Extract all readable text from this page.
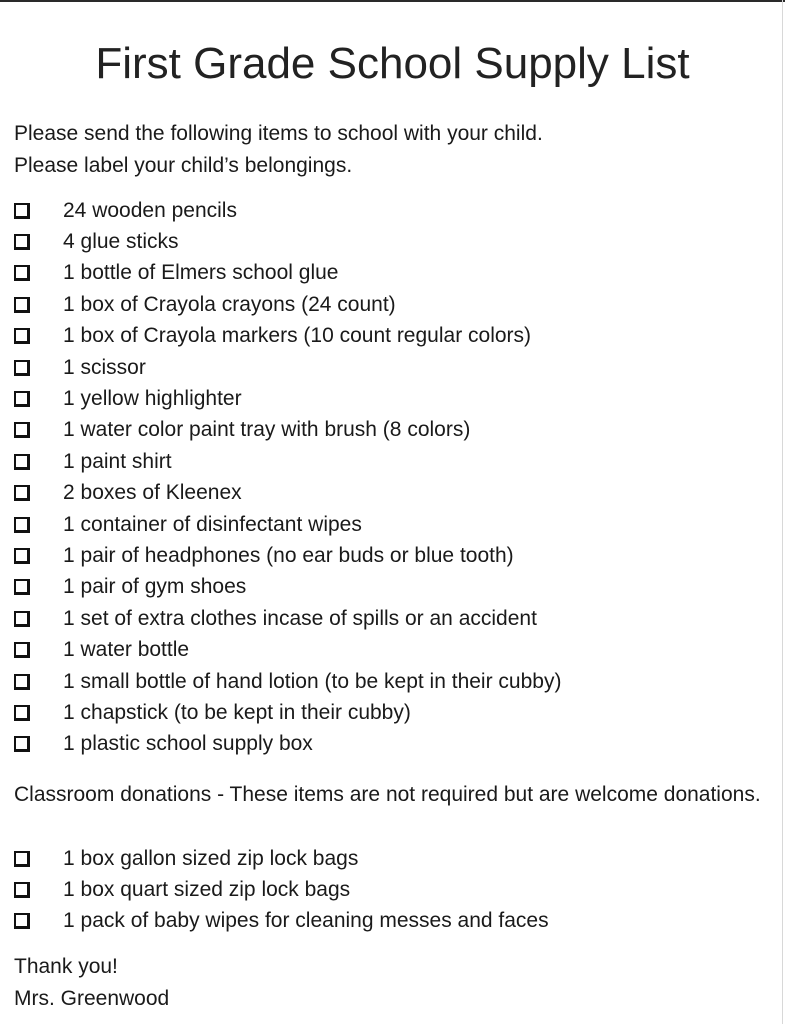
First Grade School Supply List
Please send the following items to school with your child.
Please label your child’s belongings.
24 wooden pencils
4 glue sticks
1 bottle of Elmers school glue
1 box of Crayola crayons (24 count)
1 box of Crayola markers (10 count regular colors)
1 scissor
1 yellow highlighter
1 water color paint tray with brush (8 colors)
1 paint shirt
2 boxes of Kleenex
1 container of disinfectant wipes
1 pair of headphones (no ear buds or blue tooth)
1 pair of gym shoes
1 set of extra clothes incase of spills or an accident
1 water bottle
1 small bottle of hand lotion (to be kept in their cubby)
1 chapstick (to be kept in their cubby)
1 plastic school supply box
Classroom donations - These items are not required but are welcome donations.
1 box gallon sized zip lock bags
1 box quart sized zip lock bags
1 pack of baby wipes for cleaning messes and faces
Thank you!
Mrs. Greenwood
